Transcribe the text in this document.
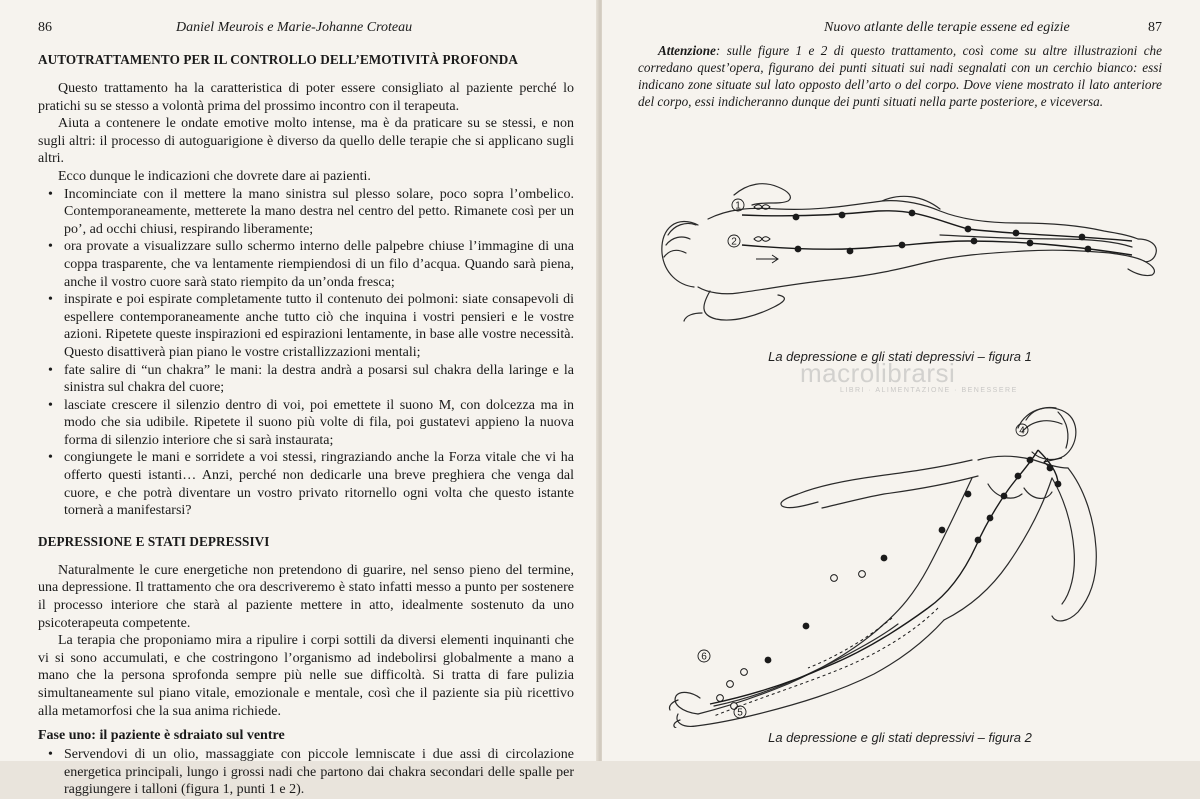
86	Daniel Meurois e Marie-Johanne Croteau
AUTOTRATTAMENTO PER IL CONTROLLO DELL’EMOTIVITÀ PROFONDA

Questo trattamento ha la caratteristica di poter essere consigliato al paziente perché lo pratichi su se stesso a volontà prima del prossimo incontro con il terapeuta.

Aiuta a contenere le ondate emotive molto intense, ma è da praticare su se stessi, e non sugli altri: il processo di autoguarigione è diverso da quello delle terapie che si applicano sugli altri.

Ecco dunque le indicazioni che dovrete dare ai pazienti.

• Incominciate con il mettere la mano sinistra sul plesso solare, poco sopra l’ombelico. Contemporaneamente, metterete la mano destra nel centro del petto. Rimanete così per un po’, ad occhi chiusi, respirando liberamente;
• ora provate a visualizzare sullo schermo interno delle palpebre chiuse l’immagine di una coppa trasparente, che va lentamente riempiendosi di un filo d’acqua. Quando sarà piena, anche il vostro cuore sarà stato riempito da un’onda fresca;
• inspirate e poi espirate completamente tutto il contenuto dei polmoni: siate consapevoli di espellere contemporaneamente anche tutto ciò che inquina i vostri pensieri e le vostre azioni. Ripetete queste inspirazioni ed espirazioni lentamente, in base alle vostre necessità. Questo disattiverà pian piano le vostre cristallizzazioni mentali;
• fate salire di “un chakra” le mani: la destra andrà a posarsi sul chakra della laringe e la sinistra sul chakra del cuore;
• lasciate crescere il silenzio dentro di voi, poi emettete il suono M, con dolcezza ma in modo che sia udibile. Ripetete il suono più volte di fila, poi gustatevi appieno la nuova forma di silenzio interiore che si sarà instaurata;
• congiungete le mani e sorridete a voi stessi, ringraziando anche la Forza vitale che vi ha offerto questi istanti… Anzi, perché non dedicarle una breve preghiera che venga dal cuore, e che potrà diventare un vostro privato ritornello ogni volta che questo istante tornerà a manifestarsi?
DEPRESSIONE E STATI DEPRESSIVI

Naturalmente le cure energetiche non pretendono di guarire, nel senso pieno del termine, una depressione. Il trattamento che ora descriveremo è stato infatti messo a punto per sostenere il processo interiore che starà al paziente mettere in atto, idealmente sostenuto da uno psicoterapeuta competente.

La terapia che proponiamo mira a ripulire i corpi sottili da diversi elementi inquinanti che vi si sono accumulati, e che costringono l’organismo ad indebolirsi globalmente a mano a mano che la persona sprofonda sempre più nelle sue difficoltà. Si tratta di fare pulizia simultaneamente sul piano vitale, emozionale e mentale, così che il paziente sia più ricettivo alla metamorfosi che la sua anima richiede.

Fase uno: il paziente è sdraiato sul ventre
• Servendovi di un olio, massaggiate con piccole lemniscate i due assi di circolazione energetica principali, lungo i grossi nadi che partono dai chakra secondari delle spalle per raggiungere i talloni (figura 1, punti 1 e 2).
Nuovo atlante delle terapie essene ed egizie	87

Attenzione: sulle figure 1 e 2 di questo trattamento, così come su altre illustrazioni che corredano quest’opera, figurano dei punti situati sui nadi segnalati con un cerchio bianco: essi indicano zone situate sul lato opposto dell’arto o del corpo. Dove viene mostrato il lato anteriore del corpo, essi indicheranno dunque dei punti situati nella parte posteriore, e viceversa.

1
2
La depressione e gli stati depressivi – figura 1
macrolibrarsi
LIBRI · ALIMENTAZIONE · BENESSERE
4
5
6
La depressione e gli stati depressivi – figura 2
